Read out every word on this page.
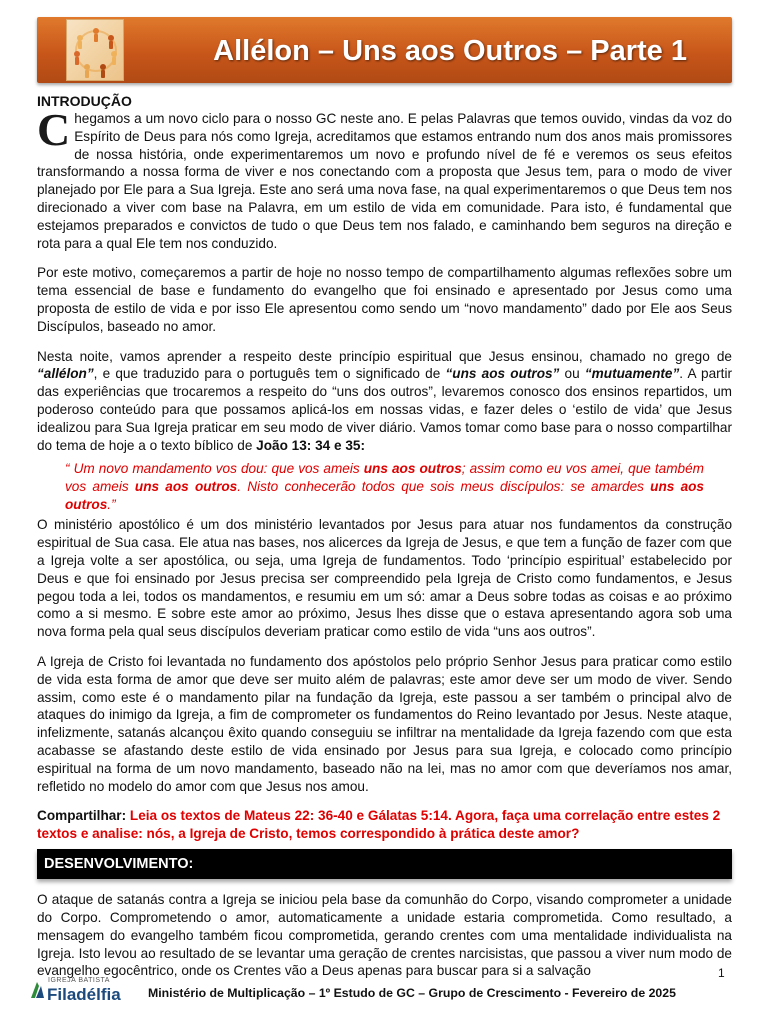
Allélon – Uns aos Outros – Parte 1
INTRODUÇÃO

Chegamos a um novo ciclo para o nosso GC neste ano. E pelas Palavras que temos ouvido, vindas da voz do Espírito de Deus para nós como Igreja, acreditamos que estamos entrando num dos anos mais promissores de nossa história, onde experimentaremos um novo e profundo nível de fé e veremos os seus efeitos transformando a nossa forma de viver e nos conectando com a proposta que Jesus tem, para o modo de viver planejado por Ele para a Sua Igreja. Este ano será uma nova fase, na qual experimentaremos o que Deus tem nos direcionado a viver com base na Palavra, em um estilo de vida em comunidade. Para isto, é fundamental que estejamos preparados e convictos de tudo o que Deus tem nos falado, e caminhando bem seguros na direção e rota para a qual Ele tem nos conduzido.

Por este motivo, começaremos a partir de hoje no nosso tempo de compartilhamento algumas reflexões sobre um tema essencial de base e fundamento do evangelho que foi ensinado e apresentado por Jesus como uma proposta de estilo de vida e por isso Ele apresentou como sendo um “novo mandamento” dado por Ele aos Seus Discípulos, baseado no amor.

Nesta noite, vamos aprender a respeito deste princípio espiritual que Jesus ensinou, chamado no grego de “allélon”, e que traduzido para o português tem o significado de “uns aos outros” ou “mutuamente”. A partir das experiências que trocaremos a respeito do “uns dos outros”, levaremos conosco dos ensinos repartidos, um poderoso conteúdo para que possamos aplicá-los em nossas vidas, e fazer deles o ‘estilo de vida’ que Jesus idealizou para Sua Igreja praticar em seu modo de viver diário. Vamos tomar como base para o nosso compartilhar do tema de hoje a o texto bíblico de João 13: 34 e 35:

“ Um novo mandamento vos dou: que vos ameis uns aos outros; assim como eu vos amei, que também vos ameis uns aos outros. Nisto conhecerão todos que sois meus discípulos: se amardes uns aos outros.”

O ministério apostólico é um dos ministério levantados por Jesus para atuar nos fundamentos da construção espiritual de Sua casa. Ele atua nas bases, nos alicerces da Igreja de Jesus, e que tem a função de fazer com que a Igreja volte a ser apostólica, ou seja, uma Igreja de fundamentos. Todo ‘princípio espiritual’ estabelecido por Deus e que foi ensinado por Jesus precisa ser compreendido pela Igreja de Cristo como fundamentos, e Jesus pegou toda a lei, todos os mandamentos, e resumiu em um só: amar a Deus sobre todas as coisas e ao próximo como a si mesmo. E sobre este amor ao próximo, Jesus lhes disse que o estava apresentando agora sob uma nova forma pela qual seus discípulos deveriam praticar como estilo de vida “uns aos outros”.

A Igreja de Cristo foi levantada no fundamento dos apóstolos pelo próprio Senhor Jesus para praticar como estilo de vida esta forma de amor que deve ser muito além de palavras; este amor deve ser um modo de viver. Sendo assim, como este é o mandamento pilar na fundação da Igreja, este passou a ser também o principal alvo de ataques do inimigo da Igreja, a fim de comprometer os fundamentos do Reino levantado por Jesus. Neste ataque, infelizmente, satanás alcançou êxito quando conseguiu se infiltrar na mentalidade da Igreja fazendo com que esta acabasse se afastando deste estilo de vida ensinado por Jesus para sua Igreja, e colocado como princípio espiritual na forma de um novo mandamento, baseado não na lei, mas no amor com que deveríamos nos amar, refletido no modelo do amor com que Jesus nos amou.

Compartilhar: Leia os textos de Mateus 22: 36-40 e Gálatas 5:14. Agora, faça uma correlação entre estes 2 textos e analise: nós, a Igreja de Cristo, temos correspondido à prática deste amor?
DESENVOLVIMENTO:

O ataque de satanás contra a Igreja se iniciou pela base da comunhão do Corpo, visando comprometer a unidade do Corpo. Comprometendo o amor, automaticamente a unidade estaria comprometida. Como resultado, a mensagem do evangelho também ficou comprometida, gerando crentes com uma mentalidade individualista na Igreja. Isto levou ao resultado de se levantar uma geração de crentes narcisistas, que passou a viver num modo de evangelho egocêntrico, onde os Crentes vão a Deus apenas para buscar para si a salvação	1
IGREJA BATISTA
Filadélfia Ministério de Multiplicação – 1º Estudo de GC – Grupo de Crescimento - Fevereiro de 2025
